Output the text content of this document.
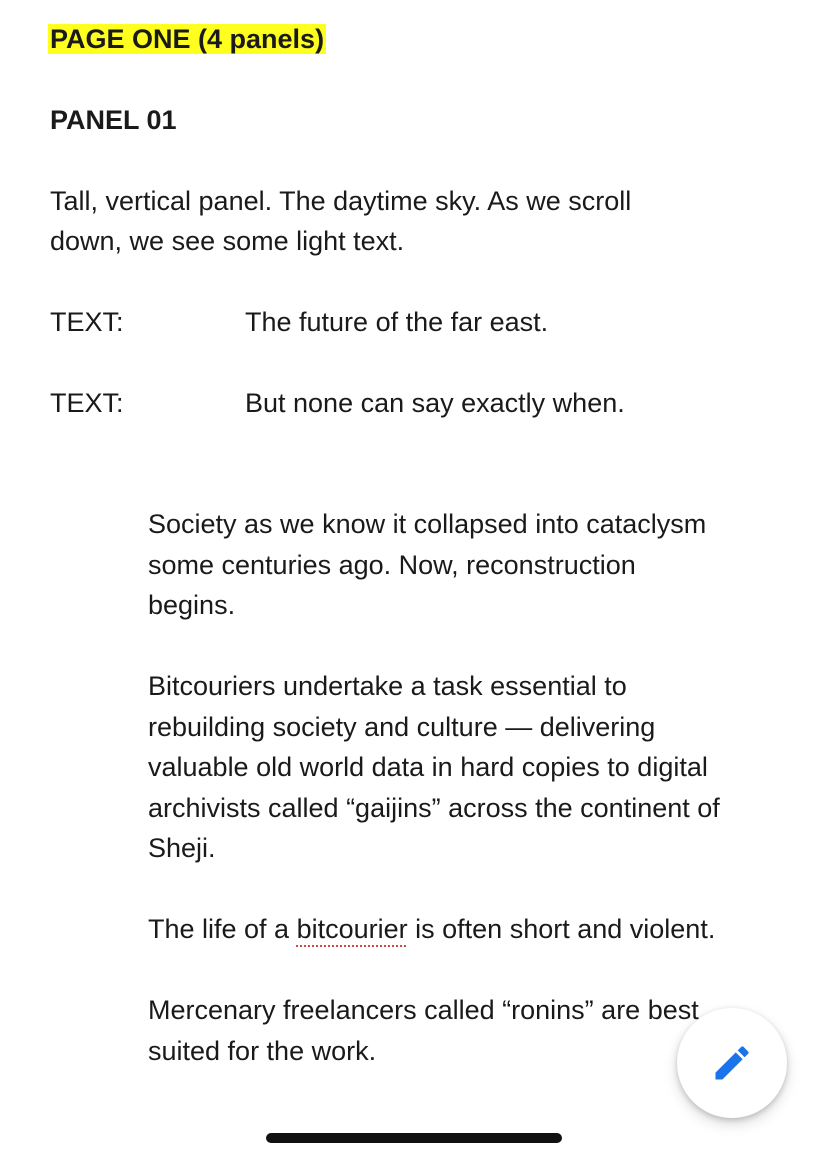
PAGE ONE (4 panels)
PANEL 01
Tall, vertical panel. The daytime sky. As we scroll
down, we see some light text.
TEXT:	The future of the far east.
TEXT:	But none can say exactly when.
Society as we know it collapsed into cataclysm
some centuries ago. Now, reconstruction
begins.
Bitcouriers undertake a task essential to
rebuilding society and culture — delivering
valuable old world data in hard copies to digital
archivists called “gaijins” across the continent of
Sheji.
The life of a bitcourier is often short and violent.
Mercenary freelancers called “ronins” are best
suited for the work.
